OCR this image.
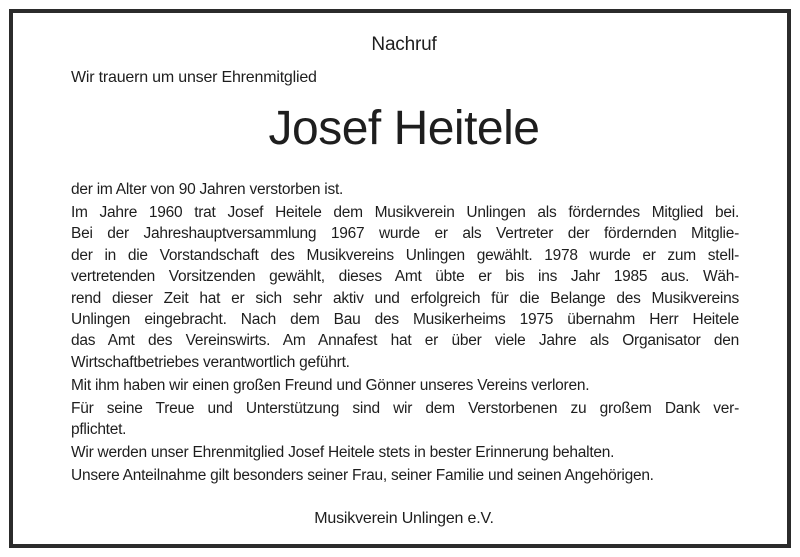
Nachruf
Wir trauern um unser Ehrenmitglied
Josef Heitele

der im Alter von 90 Jahren verstorben ist.

Im Jahre 1960 trat Josef Heitele dem Musikverein Unlingen als förderndes Mitglied bei.
Bei der Jahreshauptversammlung 1967 wurde er als Vertreter der fördernden Mitglie-
der in die Vorstandschaft des Musikvereins Unlingen gewählt. 1978 wurde er zum stell-
vertretenden Vorsitzenden gewählt, dieses Amt übte er bis ins Jahr 1985 aus. Wäh-
rend dieser Zeit hat er sich sehr aktiv und erfolgreich für die Belange des Musikvereins
Unlingen eingebracht. Nach dem Bau des Musikerheims 1975 übernahm Herr Heitele
das Amt des Vereinswirts. Am Annafest hat er über viele Jahre als Organisator den
Wirtschaftbetriebes verantwortlich geführt.

Mit ihm haben wir einen großen Freund und Gönner unseres Vereins verloren.

Für seine Treue und Unterstützung sind wir dem Verstorbenen zu großem Dank ver-
pflichtet.

Wir werden unser Ehrenmitglied Josef Heitele stets in bester Erinnerung behalten.

Unsere Anteilnahme gilt besonders seiner Frau, seiner Familie und seinen Angehörigen.

Musikverein Unlingen e.V.
